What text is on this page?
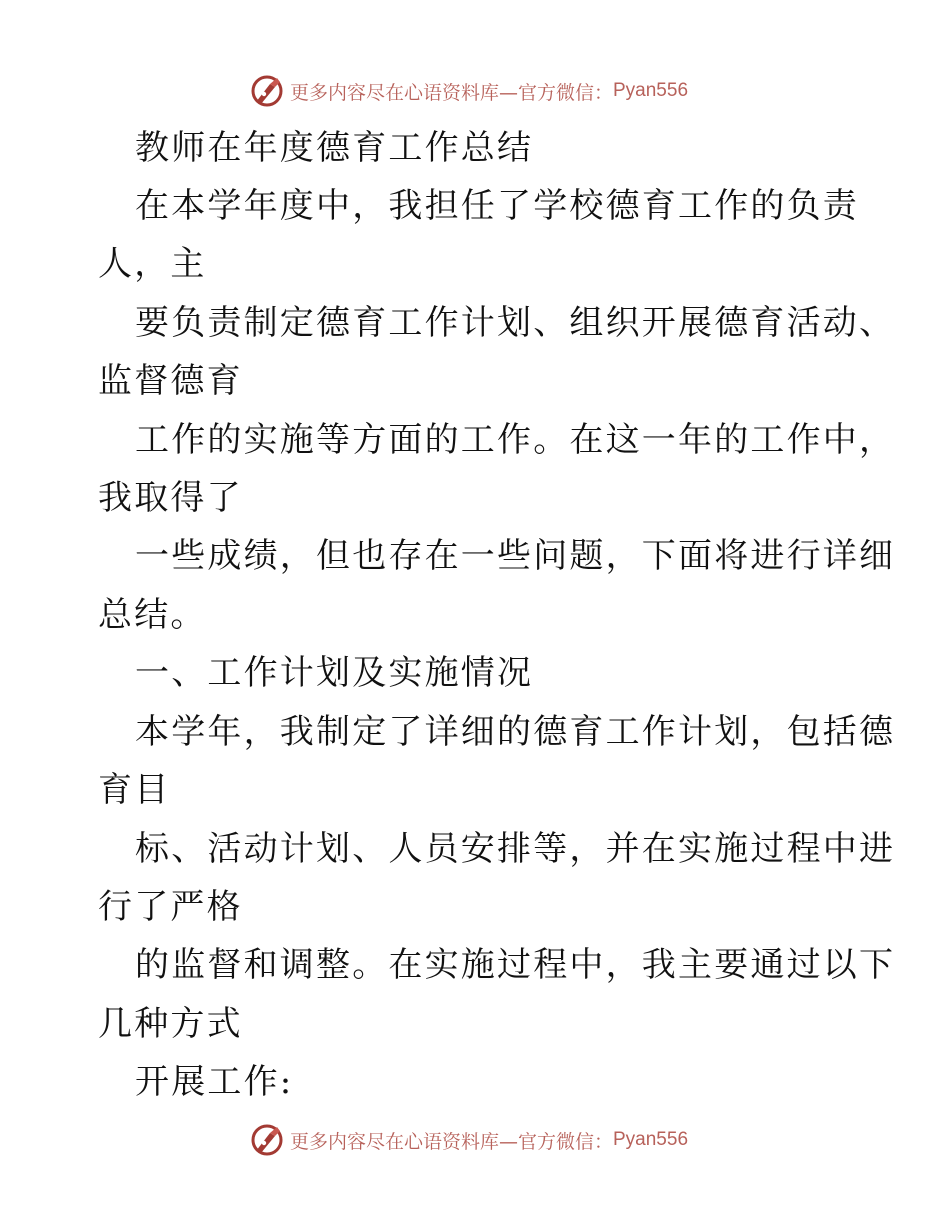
更多内容尽在心语资料库—官方微信： Pyan556
教师在年度德育工作总结
在本学年度中，我担任了学校德育工作的负责
人，主
要负责制定德育工作计划、组织开展德育活动、
监督德育
工作的实施等方面的工作。在这一年的工作中，
我取得了
一些成绩，但也存在一些问题，下面将进行详细
总结。
一、工作计划及实施情况
本学年，我制定了详细的德育工作计划，包括德
育目
标、活动计划、人员安排等，并在实施过程中进
行了严格
的监督和调整。在实施过程中，我主要通过以下
几种方式
开展工作:
更多内容尽在心语资料库—官方微信： Pyan556
